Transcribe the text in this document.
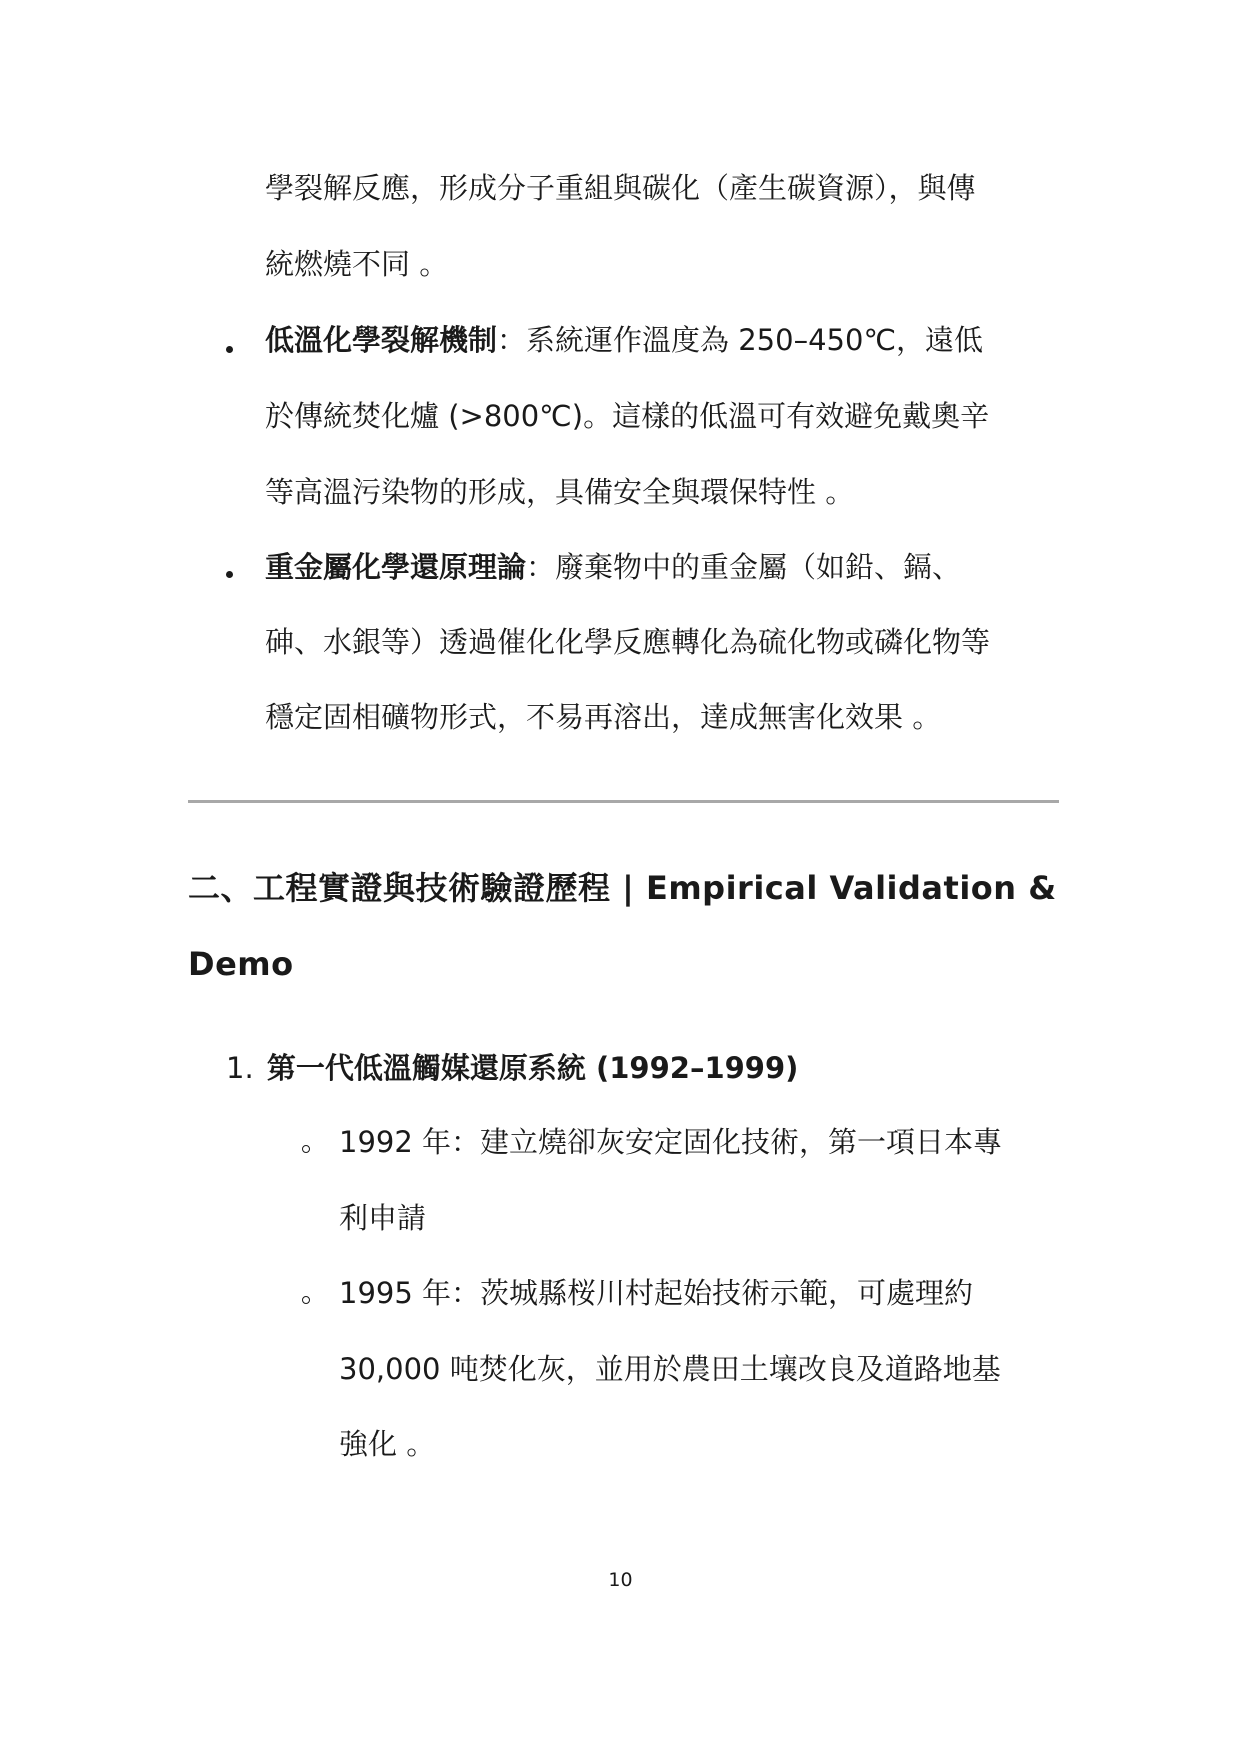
學裂解反應，形成分子重組與碳化（產生碳資源），與傳
統燃燒不同 。
低溫化學裂解機制：系統運作溫度為 250–450℃，遠低
於傳統焚化爐 (>800℃)。這樣的低溫可有效避免戴奧辛
等高溫污染物的形成，具備安全與環保特性 。
重金屬化學還原理論：廢棄物中的重金屬（如鉛、鎘、
砷、水銀等）透過催化化學反應轉化為硫化物或磷化物等
穩定固相礦物形式，不易再溶出，達成無害化效果 。
二、工程實證與技術驗證歷程 | Empirical Validation &
Demo
1. 第一代低溫觸媒還原系統 (1992–1999)
1992 年：建立燒卻灰安定固化技術，第一項日本專
利申請
1995 年：茨城縣桜川村起始技術示範，可處理約
30,000 吨焚化灰，並用於農田土壤改良及道路地基
強化 。
10
